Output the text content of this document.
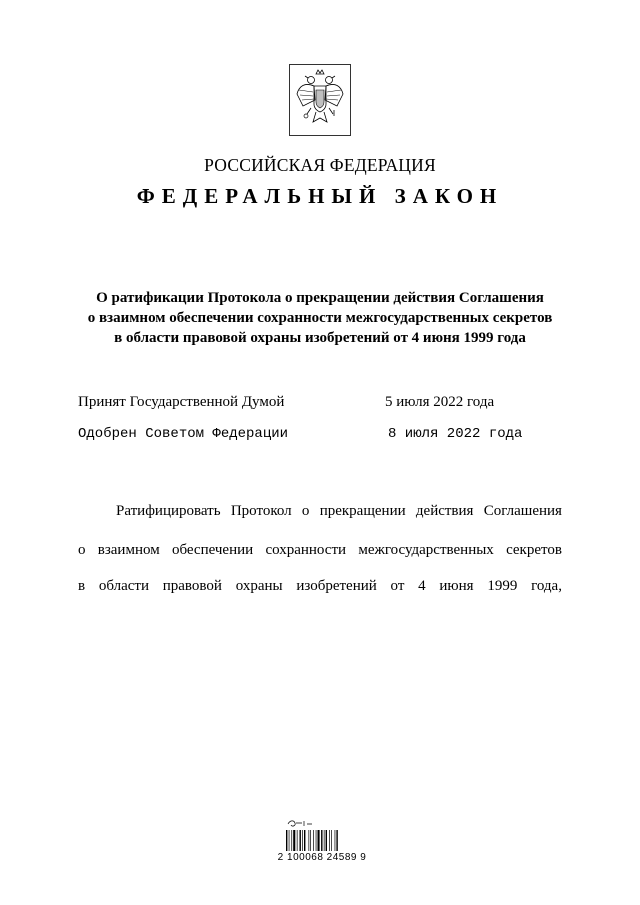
РОССИЙСКАЯ ФЕДЕРАЦИЯ
ФЕДЕРАЛЬНЫЙ ЗАКОН
О ратификации Протокола о прекращении действия Соглашения
о взаимном обеспечении сохранности межгосударственных секретов
в области правовой охраны изобретений от 4 июня 1999 года
Принят Государственной Думой	5 июля 2022 года
Одобрен Советом Федерации	8 июля 2022 года
Ратифицировать Протокол о прекращении действия Соглашения
о взаимном обеспечении сохранности межгосударственных секретов
в области правовой охраны изобретений от 4 июня 1999 года,
2 100068 24589 9
